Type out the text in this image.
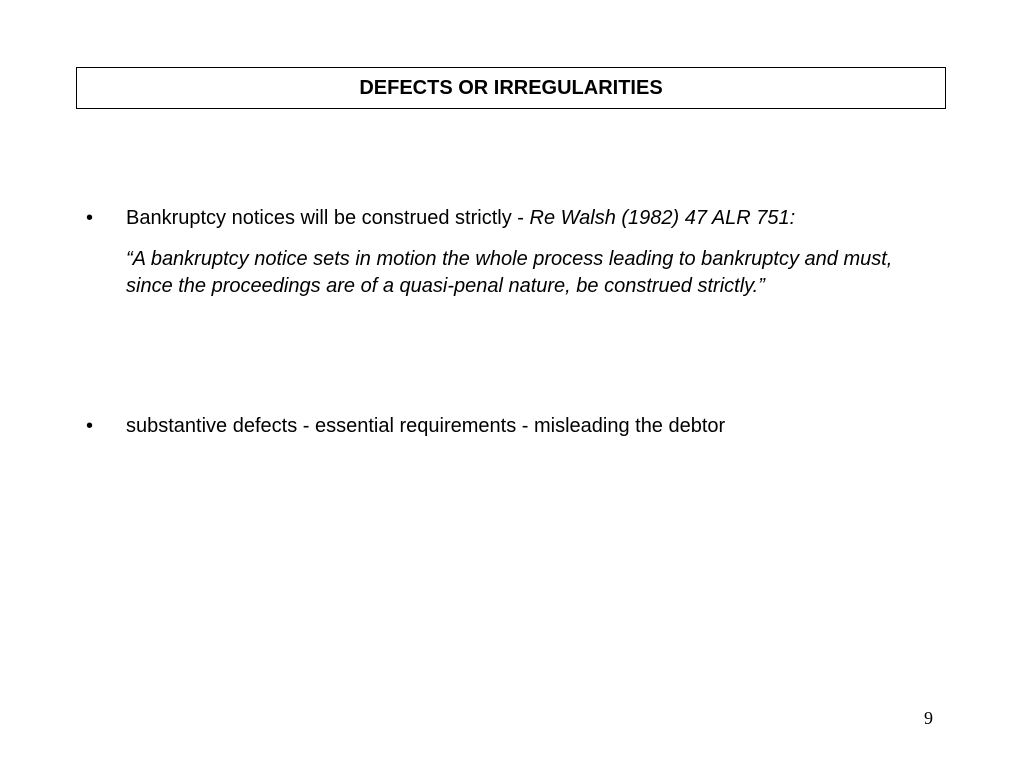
DEFECTS OR IRREGULARITIES
•	Bankruptcy notices will be construed strictly - Re Walsh (1982) 47 ALR 751:
“A bankruptcy notice sets in motion the whole process leading to bankruptcy and must, since the proceedings are of a quasi-penal nature, be construed strictly.”
•	substantive defects - essential requirements - misleading the debtor
9
